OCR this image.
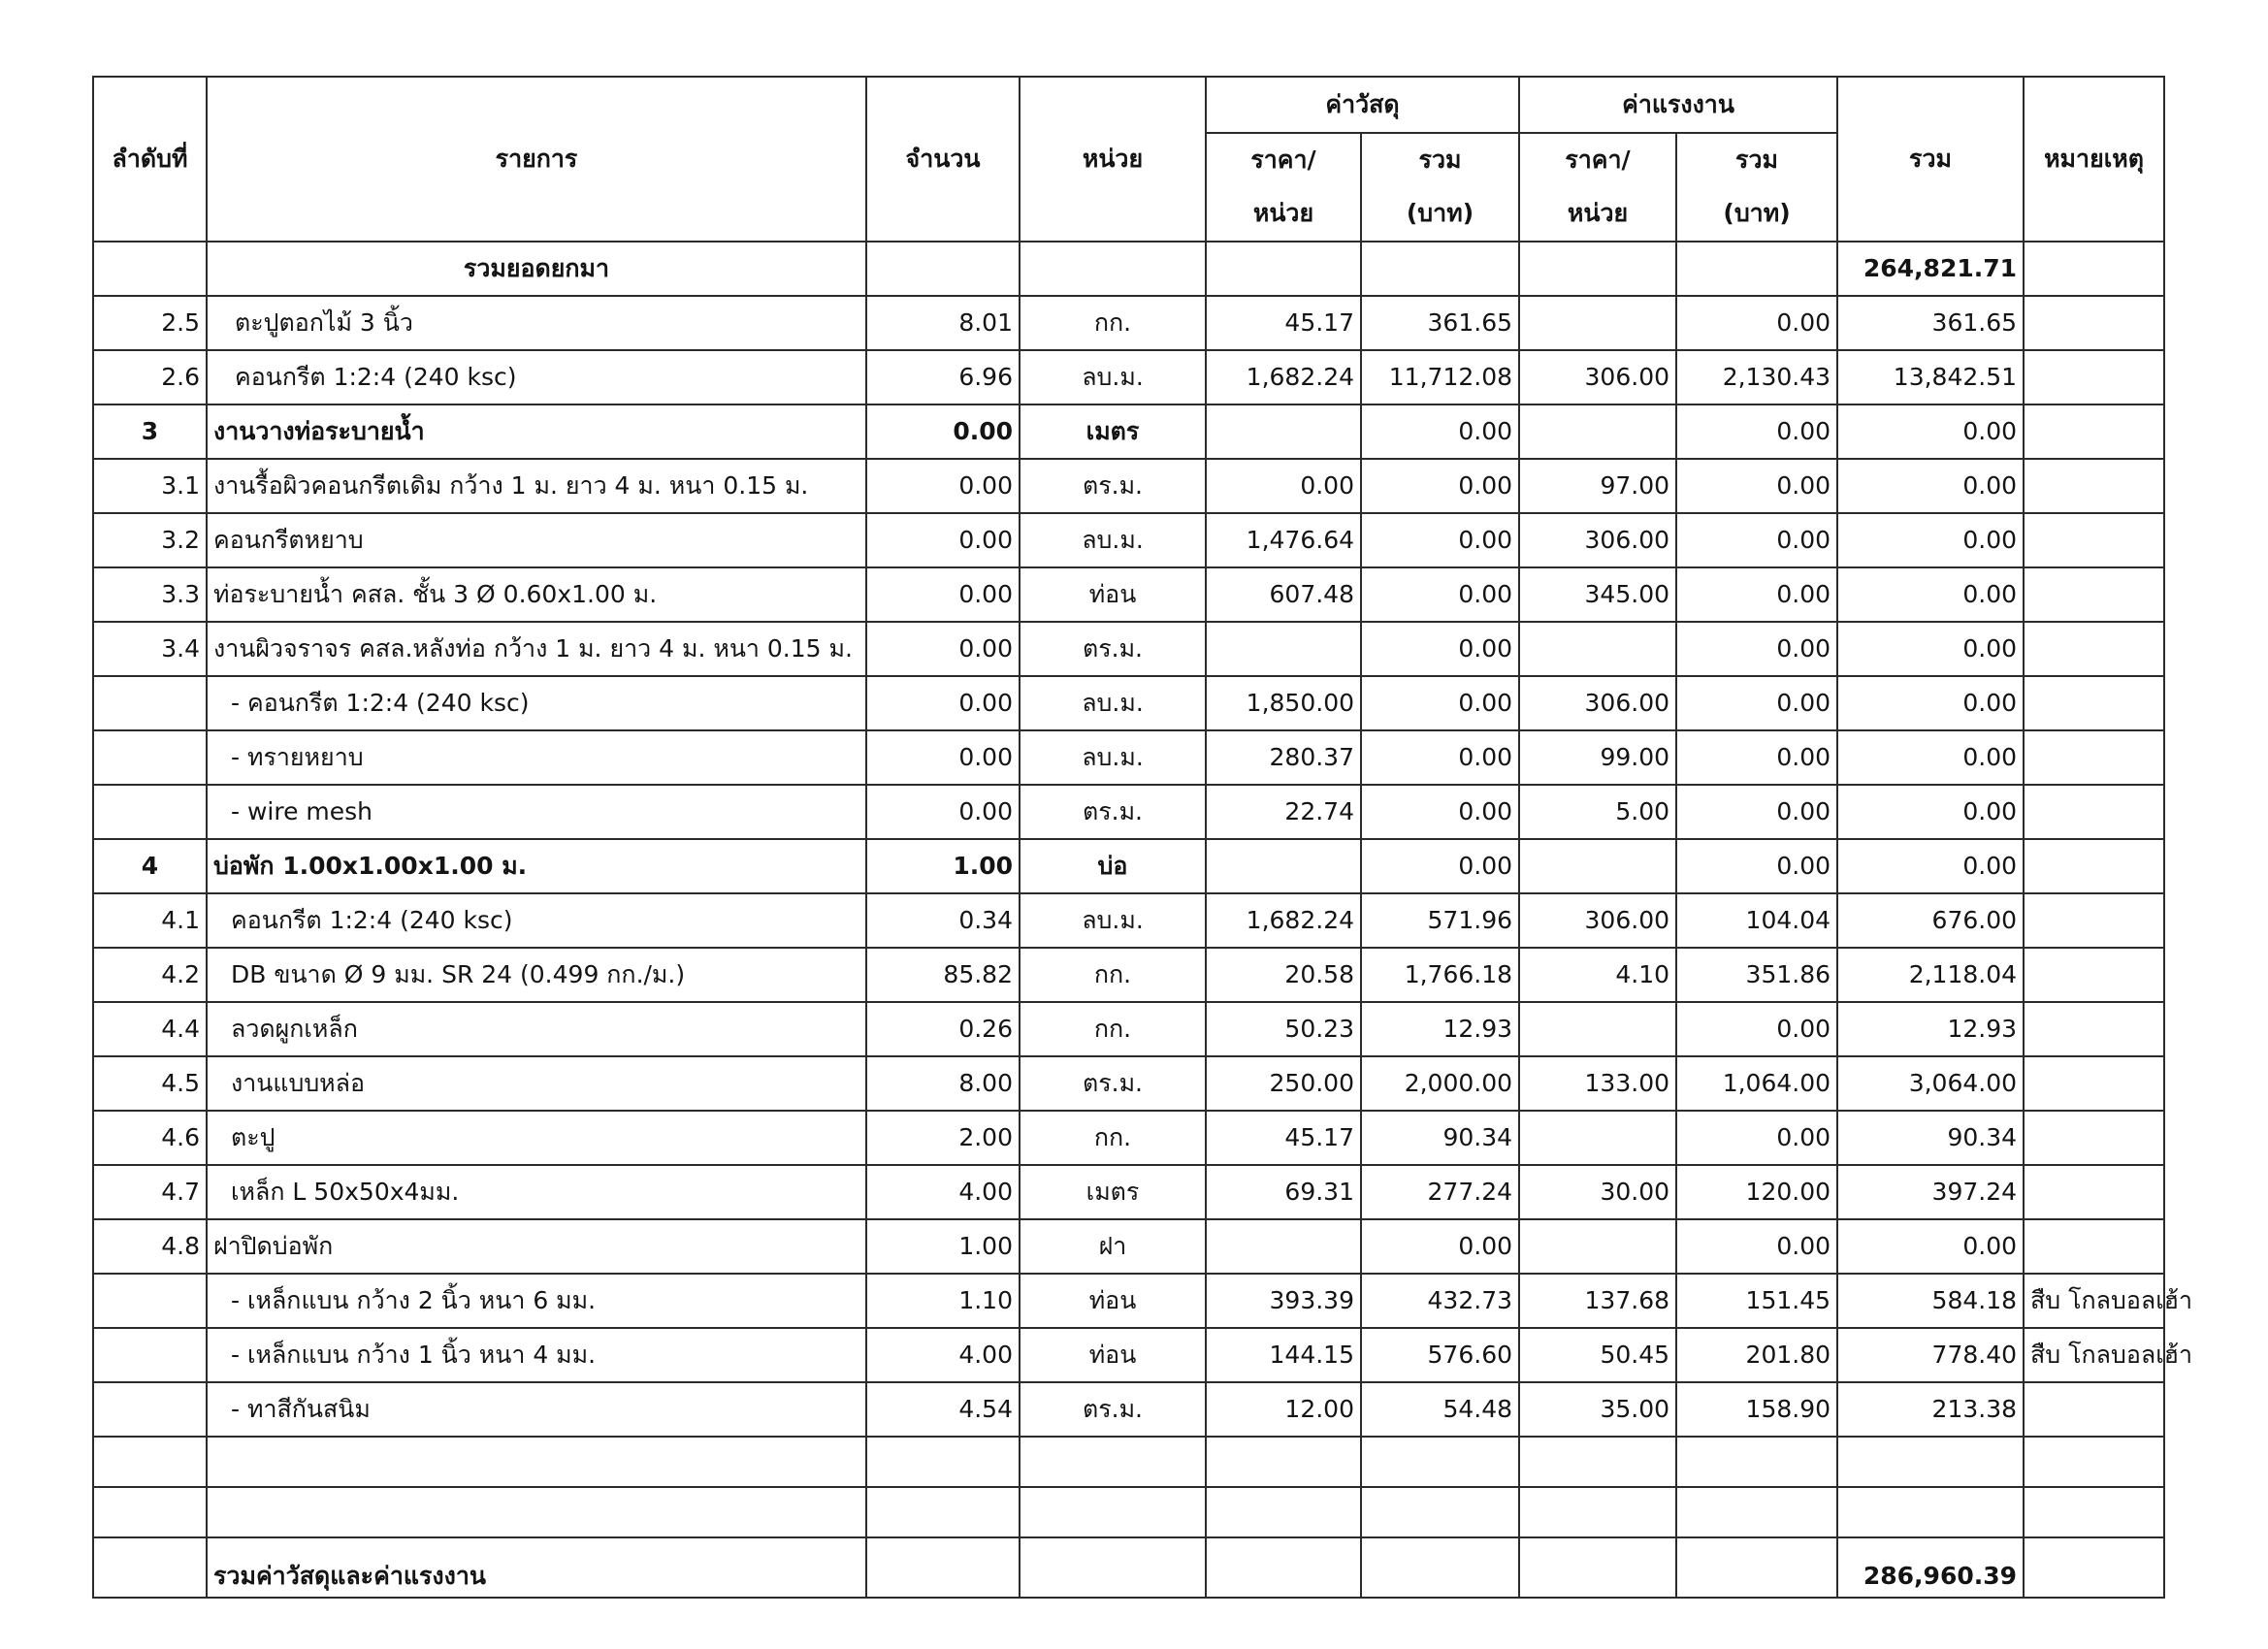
ลำดับที่	รายการ	จำนวน	หน่วย	ค่าวัสดุ		ค่าแรงงาน		รวม	หมายเหตุ
				ราคา/	รวม	ราคา/	รวม		
				หน่วย	(บาท)	หน่วย	(บาท)		
	รวมยอดยกมา							264,821.71	
2.5	ตะปูตอกไม้ 3 นิ้ว	8.01	กก.	45.17	361.65		0.00	361.65	
2.6	คอนกรีต 1:2:4 (240 ksc)	6.96	ลบ.ม.	1,682.24	11,712.08	306.00	2,130.43	13,842.51	
3	งานวางท่อระบายน้ำ	0.00	เมตร		0.00		0.00	0.00	
3.1	งานรื้อผิวคอนกรีตเดิม กว้าง 1 ม. ยาว 4 ม. หนา 0.15 ม.	0.00	ตร.ม.	0.00	0.00	97.00	0.00	0.00	
3.2	คอนกรีตหยาบ	0.00	ลบ.ม.	1,476.64	0.00	306.00	0.00	0.00	
3.3	ท่อระบายน้ำ คสล. ชั้น 3 Ø 0.60x1.00 ม.	0.00	ท่อน	607.48	0.00	345.00	0.00	0.00	
3.4	งานผิวจราจร คสล.หลังท่อ กว้าง 1 ม. ยาว 4 ม. หนา 0.15 ม.	0.00	ตร.ม.		0.00		0.00	0.00	
	- คอนกรีต 1:2:4 (240 ksc)	0.00	ลบ.ม.	1,850.00	0.00	306.00	0.00	0.00	
	- ทรายหยาบ	0.00	ลบ.ม.	280.37	0.00	99.00	0.00	0.00	
	- wire mesh	0.00	ตร.ม.	22.74	0.00	5.00	0.00	0.00	
4	บ่อพัก 1.00x1.00x1.00 ม.	1.00	บ่อ		0.00		0.00	0.00	
4.1	คอนกรีต 1:2:4 (240 ksc)	0.34	ลบ.ม.	1,682.24	571.96	306.00	104.04	676.00	
4.2	DB ขนาด Ø 9 มม. SR 24 (0.499 กก./ม.)	85.82	กก.	20.58	1,766.18	4.10	351.86	2,118.04	
4.4	ลวดผูกเหล็ก	0.26	กก.	50.23	12.93		0.00	12.93	
4.5	งานแบบหล่อ	8.00	ตร.ม.	250.00	2,000.00	133.00	1,064.00	3,064.00	
4.6	ตะปู	2.00	กก.	45.17	90.34		0.00	90.34	
4.7	เหล็ก L 50x50x4มม.	4.00	เมตร	69.31	277.24	30.00	120.00	397.24	
4.8	ฝาปิดบ่อพัก	1.00	ฝา		0.00		0.00	0.00	
	- เหล็กแบน กว้าง 2 นิ้ว หนา 6 มม.	1.10	ท่อน	393.39	432.73	137.68	151.45	584.18	สืบ โกลบอลเฮ้า
	- เหล็กแบน กว้าง 1 นิ้ว หนา 4 มม.	4.00	ท่อน	144.15	576.60	50.45	201.80	778.40	สืบ โกลบอลเฮ้า
	- ทาสีกันสนิม	4.54	ตร.ม.	12.00	54.48	35.00	158.90	213.38	

	รวมค่าวัสดุและค่าแรงงาน							286,960.39	
